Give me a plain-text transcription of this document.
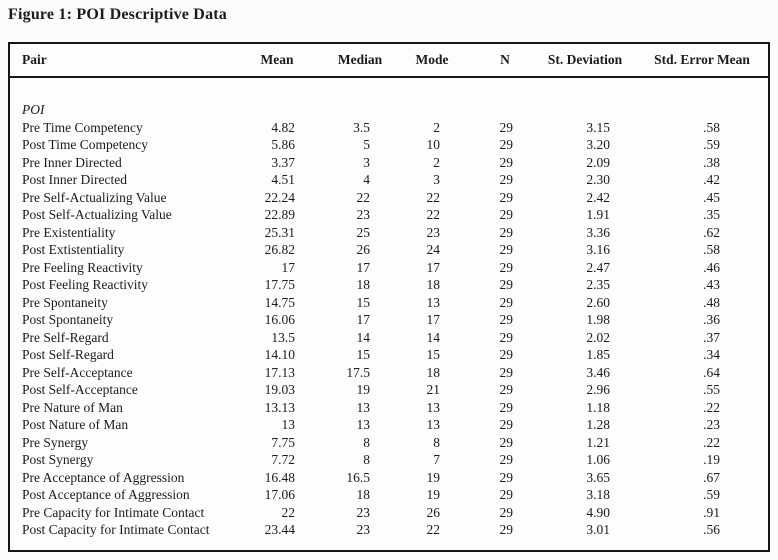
Figure 1: POI Descriptive Data
Pair	Mean	Median	Mode	N	St. Deviation	Std. Error Mean

POI						
Pre Time Competency	4.82	3.5	2	29	3.15	.58
Post Time Competency	5.86	5	10	29	3.20	.59
Pre Inner Directed	3.37	3	2	29	2.09	.38
Post Inner Directed	4.51	4	3	29	2.30	.42
Pre Self-Actualizing Value	22.24	22	22	29	2.42	.45
Post Self-Actualizing Value	22.89	23	22	29	1.91	.35
Pre Existentiality	25.31	25	23	29	3.36	.62
Post Extistentiality	26.82	26	24	29	3.16	.58
Pre Feeling Reactivity	17	17	17	29	2.47	.46
Post Feeling Reactivity	17.75	18	18	29	2.35	.43
Pre Spontaneity	14.75	15	13	29	2.60	.48
Post Spontaneity	16.06	17	17	29	1.98	.36
Pre Self-Regard	13.5	14	14	29	2.02	.37
Post Self-Regard	14.10	15	15	29	1.85	.34
Pre Self-Acceptance	17.13	17.5	18	29	3.46	.64
Post Self-Acceptance	19.03	19	21	29	2.96	.55
Pre Nature of Man	13.13	13	13	29	1.18	.22
Post Nature of Man	13	13	13	29	1.28	.23
Pre Synergy	7.75	8	8	29	1.21	.22
Post Synergy	7.72	8	7	29	1.06	.19
Pre Acceptance of Aggression	16.48	16.5	19	29	3.65	.67
Post Acceptance of Aggression	17.06	18	19	29	3.18	.59
Pre Capacity for Intimate Contact	22	23	26	29	4.90	.91
Post Capacity for Intimate Contact	23.44	23	22	29	3.01	.56
